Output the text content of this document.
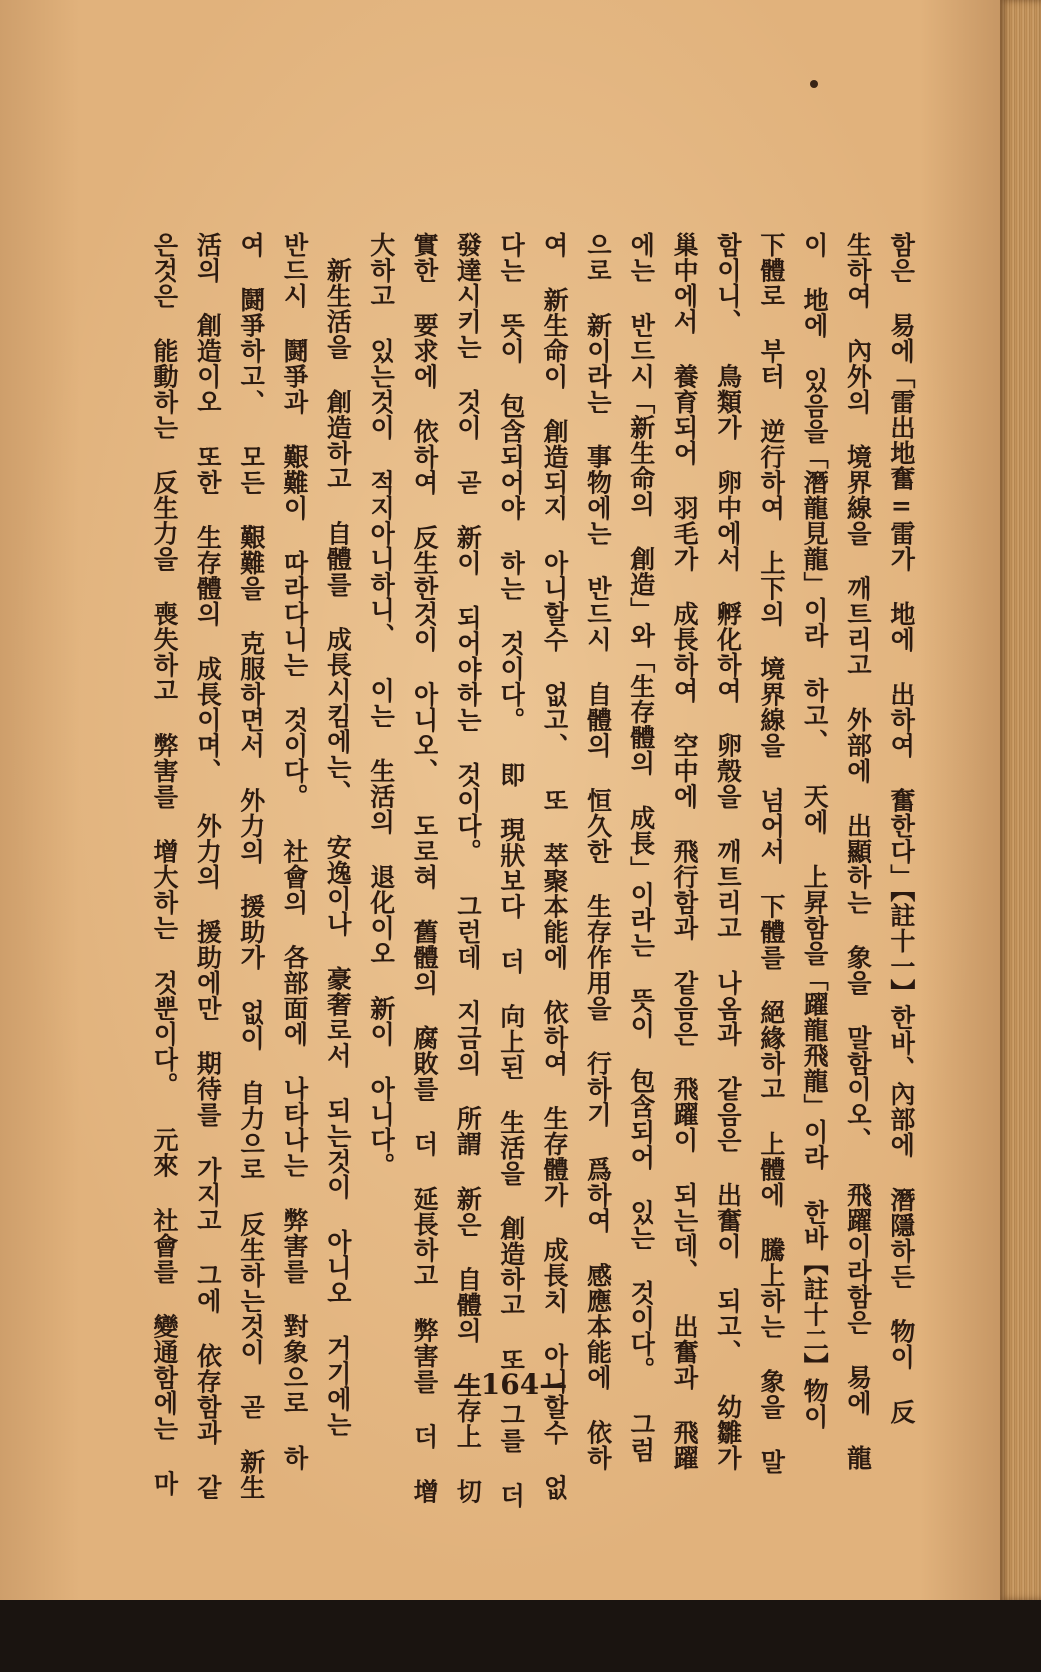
함은 易에「雷出地奮=雷가 地에 出하여 奮한다」【註十一】한바、內部에 潛隱하든 物이 反
生하여 內外의 境界線을 깨트리고 外部에 出顯하는 象을 말함이오、 飛躍이라함은 易에 龍
이 地에 있음을「潛龍見龍」이라 하고、 天에 上昇함을「躍龍飛龍」이라 한바【註十二】物이
下體로 부터 逆行하여 上下의 境界線을 넘어서 下體를 絕緣하고 上體에 騰上하는 象을 말
함이니、 鳥類가 卵中에서 孵化하여 卵殼을 깨트리고 나옴과 같음은 出奮이 되고、 幼雛가
巢中에서 養育되어 羽毛가 成長하여 空中에 飛行함과 같음은 飛躍이 되는데、 出奮과 飛躍
에는 반드시「新生命의 創造」와「生存體의 成長」이라는 뜻이 包含되어 있는 것이다。 그럼
으로 新이라는 事物에는 반드시 自體의 恒久한 生存作用을 行하기 爲하여 感應本能에 依하
여 新生命이 創造되지 아니할수 없고、 또 萃聚本能에 依하여 生存體가 成長치 아니할수 없
다는 뜻이 包含되어야 하는 것이다。 即 現狀보다 더 向上된 生活을 創造하고 또 그를 더
發達시키는 것이 곧 新이 되어야하는 것이다。 그런데 지금의 所謂 新은 自體의 生存上 切
實한 要求에 依하여 反生한것이 아니오、 도로혀 舊體의 腐敗를 더 延長하고 弊害를 더 增
大하고 있는것이 적지아니하니、 이는 生活의 退化이오 新이 아니다。
　新生活을 創造하고 自體를 成長시킴에는、 安逸이나 豪奢로서 되는것이 아니오 거기에는
반드시 鬪爭과 艱難이 따라다니는 것이다。 社會의 各部面에 나타나는 弊害를 對象으로 하
여 鬪爭하고、 모든 艱難을 克服하면서 外力의 援助가 없이 自力으로 反生하는것이 곧 新生
活의 創造이오 또한 生存體의 成長이며、 外力의 援助에만 期待를 가지고 그에 依存함과 같
은것은 能動하는 反生力을 喪失하고 弊害를 增大하는 것뿐이다。 元來 社會를 變通함에는 마	—164—
